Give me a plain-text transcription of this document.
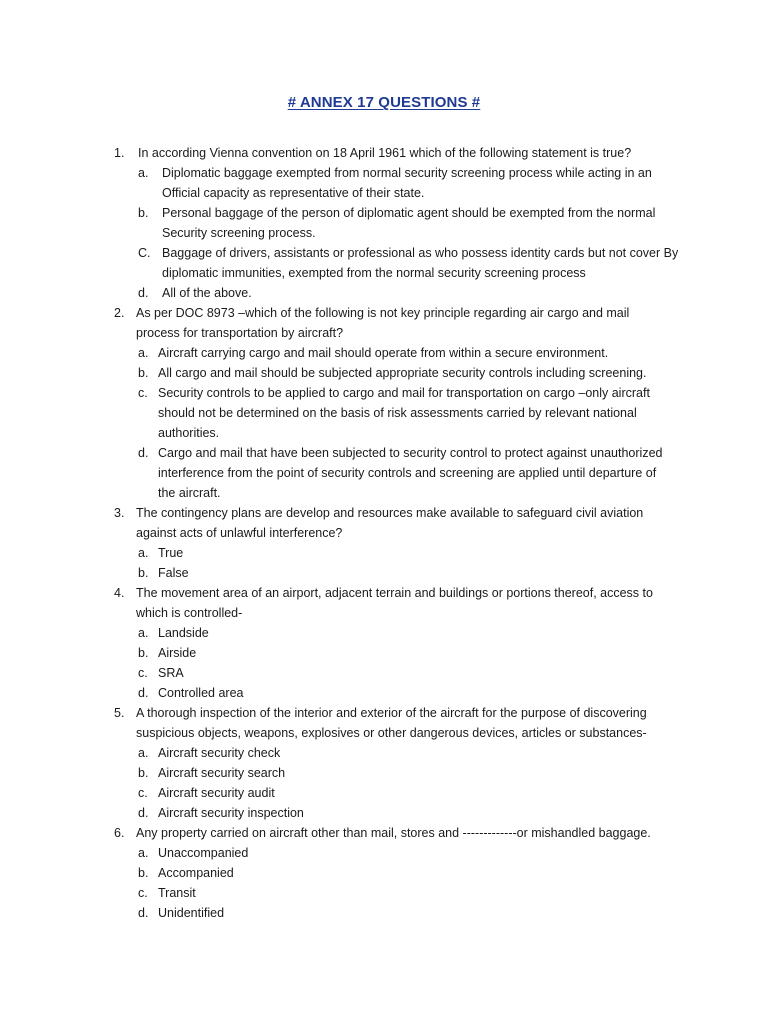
# ANNEX 17 QUESTIONS #
1. In according Vienna convention on 18 April 1961 which of the following statement is true?
a. Diplomatic baggage exempted from normal security screening process while acting in an Official capacity as representative of their state.
b. Personal baggage of the person of diplomatic agent should be exempted from the normal Security screening process.
C. Baggage of drivers, assistants or professional as who possess identity cards but not cover By diplomatic immunities, exempted from the normal security screening process
d. All of the above.
2. As per DOC 8973 –which of the following is not key principle regarding air cargo and mail process for transportation by aircraft?
a. Aircraft carrying cargo and mail should operate from within a secure environment.
b. All cargo and mail should be subjected appropriate security controls including screening.
c. Security controls to be applied to cargo and mail for transportation on cargo –only aircraft should not be determined on the basis of risk assessments carried by relevant national authorities.
d. Cargo and mail that have been subjected to security control to protect against unauthorized interference from the point of security controls and screening are applied until departure of the aircraft.
3. The contingency plans are develop and resources make available to safeguard civil aviation against acts of unlawful interference?
a. True
b. False
4. The movement area of an airport, adjacent terrain and buildings or portions thereof, access to which is controlled-
a. Landside
b. Airside
c. SRA
d. Controlled area
5. A thorough inspection of the interior and exterior of the aircraft for the purpose of discovering suspicious objects, weapons, explosives or other dangerous devices, articles or substances-
a. Aircraft security check
b. Aircraft security search
c. Aircraft security audit
d. Aircraft security inspection
6. Any property carried on aircraft other than mail, stores and -------------or mishandled baggage.
a. Unaccompanied
b. Accompanied
c. Transit
d. Unidentified
